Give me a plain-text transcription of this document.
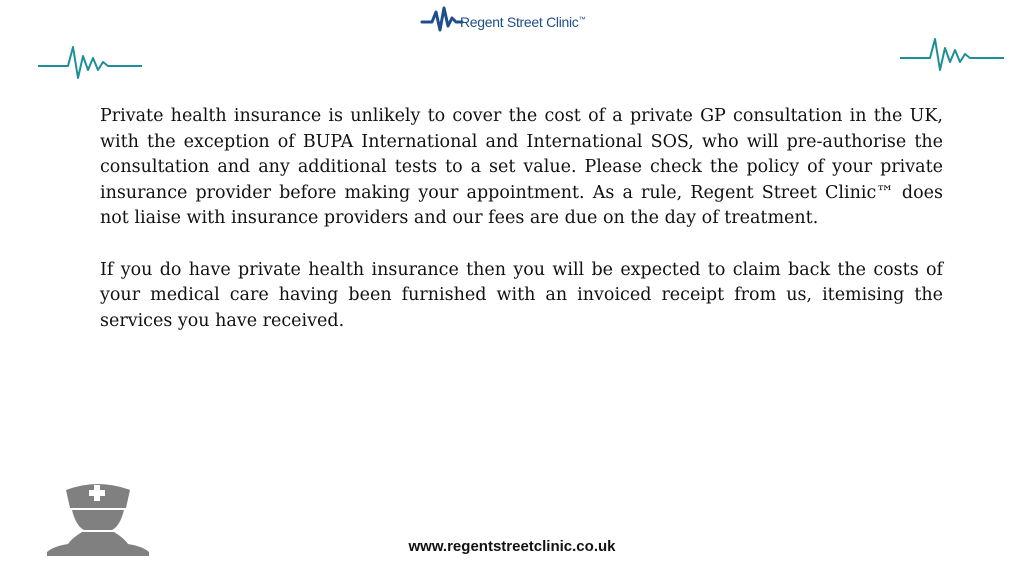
Regent Street Clinic™

Private health insurance is unlikely to cover the cost of a private GP consultation in the UK, with the exception of BUPA International and International SOS, who will pre-authorise the consultation and any additional tests to a set value. Please check the policy of your private insurance provider before making your appointment. As a rule, Regent Street Clinic™ does not liaise with insurance providers and our fees are due on the day of treatment.

If you do have private health insurance then you will be expected to claim back the costs of your medical care having been furnished with an invoiced receipt from us, itemising the services you have received.

www.regentstreetclinic.co.uk
